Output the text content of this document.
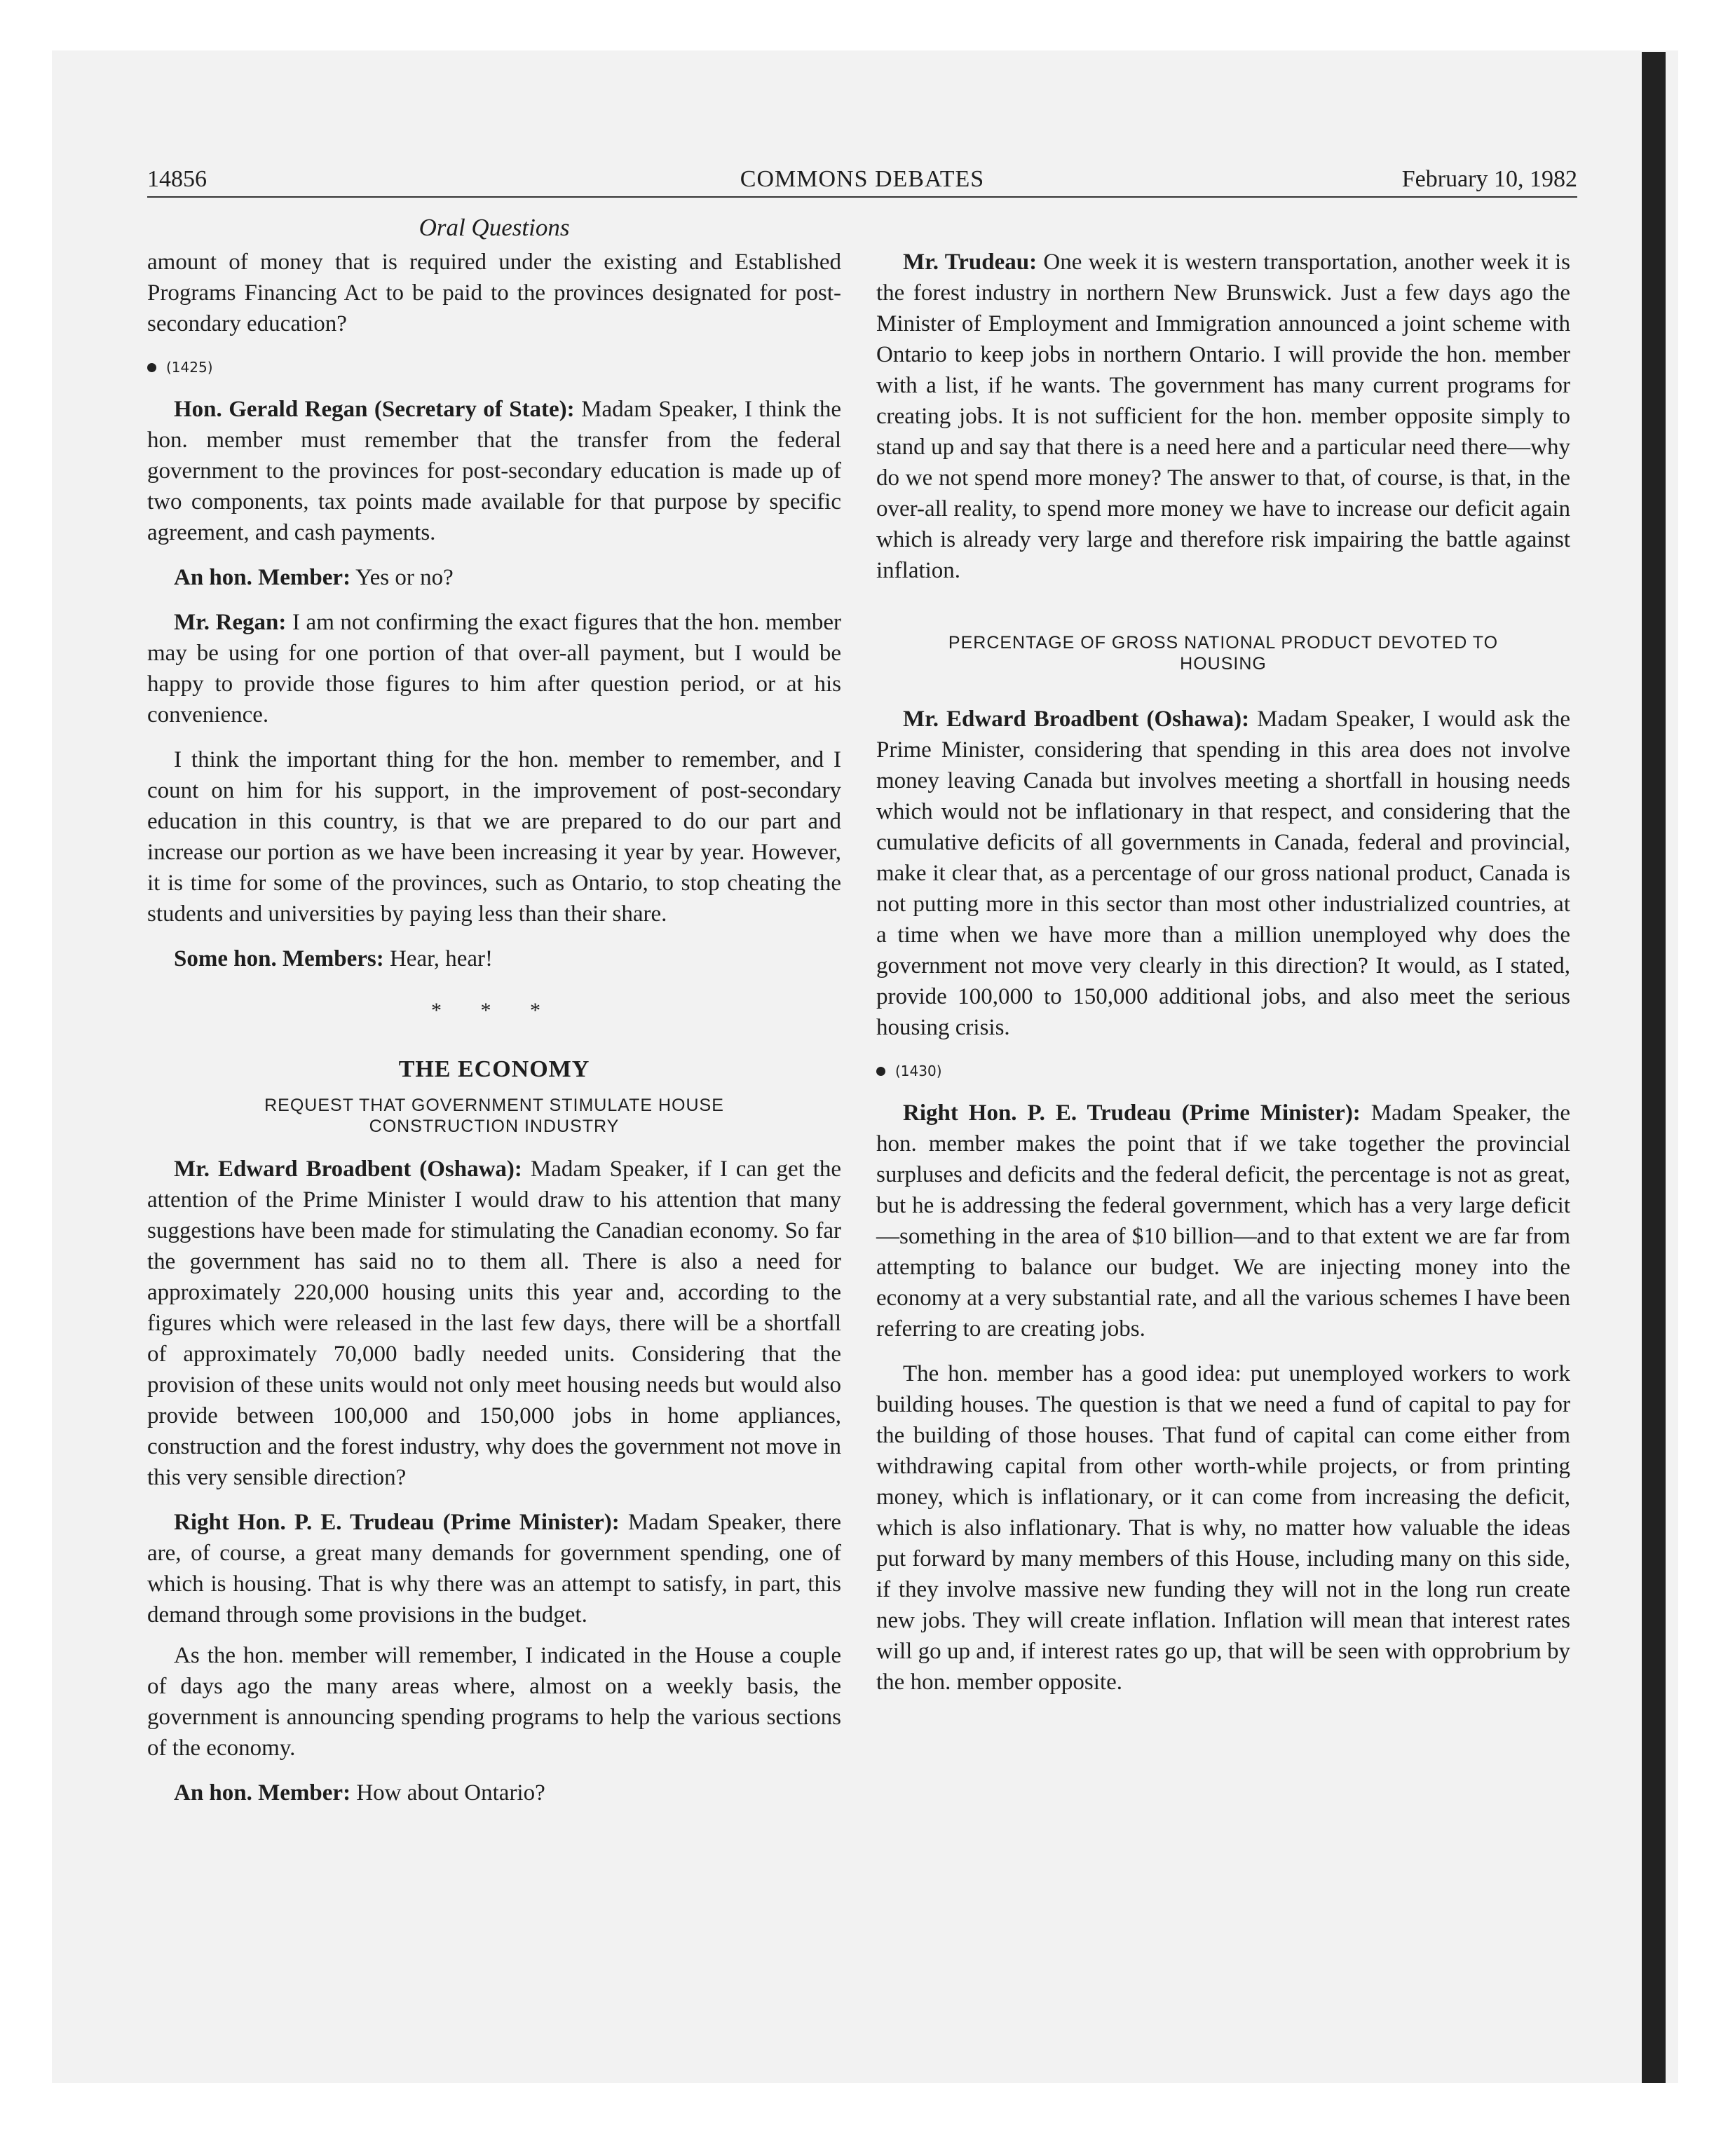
14856	COMMONS DEBATES	February 10, 1982
Oral Questions

amount of money that is required under the existing and Established Programs Financing Act to be paid to the provinces designated for post-secondary education?

(1425)

Hon. Gerald Regan (Secretary of State): Madam Speaker, I think the hon. member must remember that the transfer from the federal government to the provinces for post-secondary education is made up of two components, tax points made available for that purpose by specific agreement, and cash payments.

An hon. Member: Yes or no?

Mr. Regan: I am not confirming the exact figures that the hon. member may be using for one portion of that over-all payment, but I would be happy to provide those figures to him after question period, or at his convenience.

I think the important thing for the hon. member to remember, and I count on him for his support, in the improvement of post-secondary education in this country, is that we are prepared to do our part and increase our portion as we have been increasing it year by year. However, it is time for some of the provinces, such as Ontario, to stop cheating the students and universities by paying less than their share.

Some hon. Members: Hear, hear!

* * *
THE ECONOMY
REQUEST THAT GOVERNMENT STIMULATE HOUSE CONSTRUCTION INDUSTRY

Mr. Edward Broadbent (Oshawa): Madam Speaker, if I can get the attention of the Prime Minister I would draw to his attention that many suggestions have been made for stimulating the Canadian economy. So far the government has said no to them all. There is also a need for approximately 220,000 housing units this year and, according to the figures which were released in the last few days, there will be a shortfall of approximately 70,000 badly needed units. Considering that the provision of these units would not only meet housing needs but would also provide between 100,000 and 150,000 jobs in home appliances, construction and the forest industry, why does the government not move in this very sensible direction?

Right Hon. P. E. Trudeau (Prime Minister): Madam Speaker, there are, of course, a great many demands for government spending, one of which is housing. That is why there was an attempt to satisfy, in part, this demand through some provisions in the budget.

As the hon. member will remember, I indicated in the House a couple of days ago the many areas where, almost on a weekly basis, the government is announcing spending programs to help the various sections of the economy.

An hon. Member: How about Ontario?

Mr. Trudeau: One week it is western transportation, another week it is the forest industry in northern New Brunswick. Just a few days ago the Minister of Employment and Immigration announced a joint scheme with Ontario to keep jobs in northern Ontario. I will provide the hon. member with a list, if he wants. The government has many current programs for creating jobs. It is not sufficient for the hon. member opposite simply to stand up and say that there is a need here and a particular need there—why do we not spend more money? The answer to that, of course, is that, in the over-all reality, to spend more money we have to increase our deficit again which is already very large and therefore risk impairing the battle against inflation.

PERCENTAGE OF GROSS NATIONAL PRODUCT DEVOTED TO HOUSING

Mr. Edward Broadbent (Oshawa): Madam Speaker, I would ask the Prime Minister, considering that spending in this area does not involve money leaving Canada but involves meeting a shortfall in housing needs which would not be inflationary in that respect, and considering that the cumulative deficits of all governments in Canada, federal and provincial, make it clear that, as a percentage of our gross national product, Canada is not putting more in this sector than most other industrialized countries, at a time when we have more than a million unemployed why does the government not move very clearly in this direction? It would, as I stated, provide 100,000 to 150,000 additional jobs, and also meet the serious housing crisis.

(1430)

Right Hon. P. E. Trudeau (Prime Minister): Madam Speaker, the hon. member makes the point that if we take together the provincial surpluses and deficits and the federal deficit, the percentage is not as great, but he is addressing the federal government, which has a very large deficit—something in the area of $10 billion—and to that extent we are far from attempting to balance our budget. We are injecting money into the economy at a very substantial rate, and all the various schemes I have been referring to are creating jobs.

The hon. member has a good idea: put unemployed workers to work building houses. The question is that we need a fund of capital to pay for the building of those houses. That fund of capital can come either from withdrawing capital from other worth-while projects, or from printing money, which is inflationary, or it can come from increasing the deficit, which is also inflationary. That is why, no matter how valuable the ideas put forward by many members of this House, including many on this side, if they involve massive new funding they will not in the long run create new jobs. They will create inflation. Inflation will mean that interest rates will go up and, if interest rates go up, that will be seen with opprobrium by the hon. member opposite.
